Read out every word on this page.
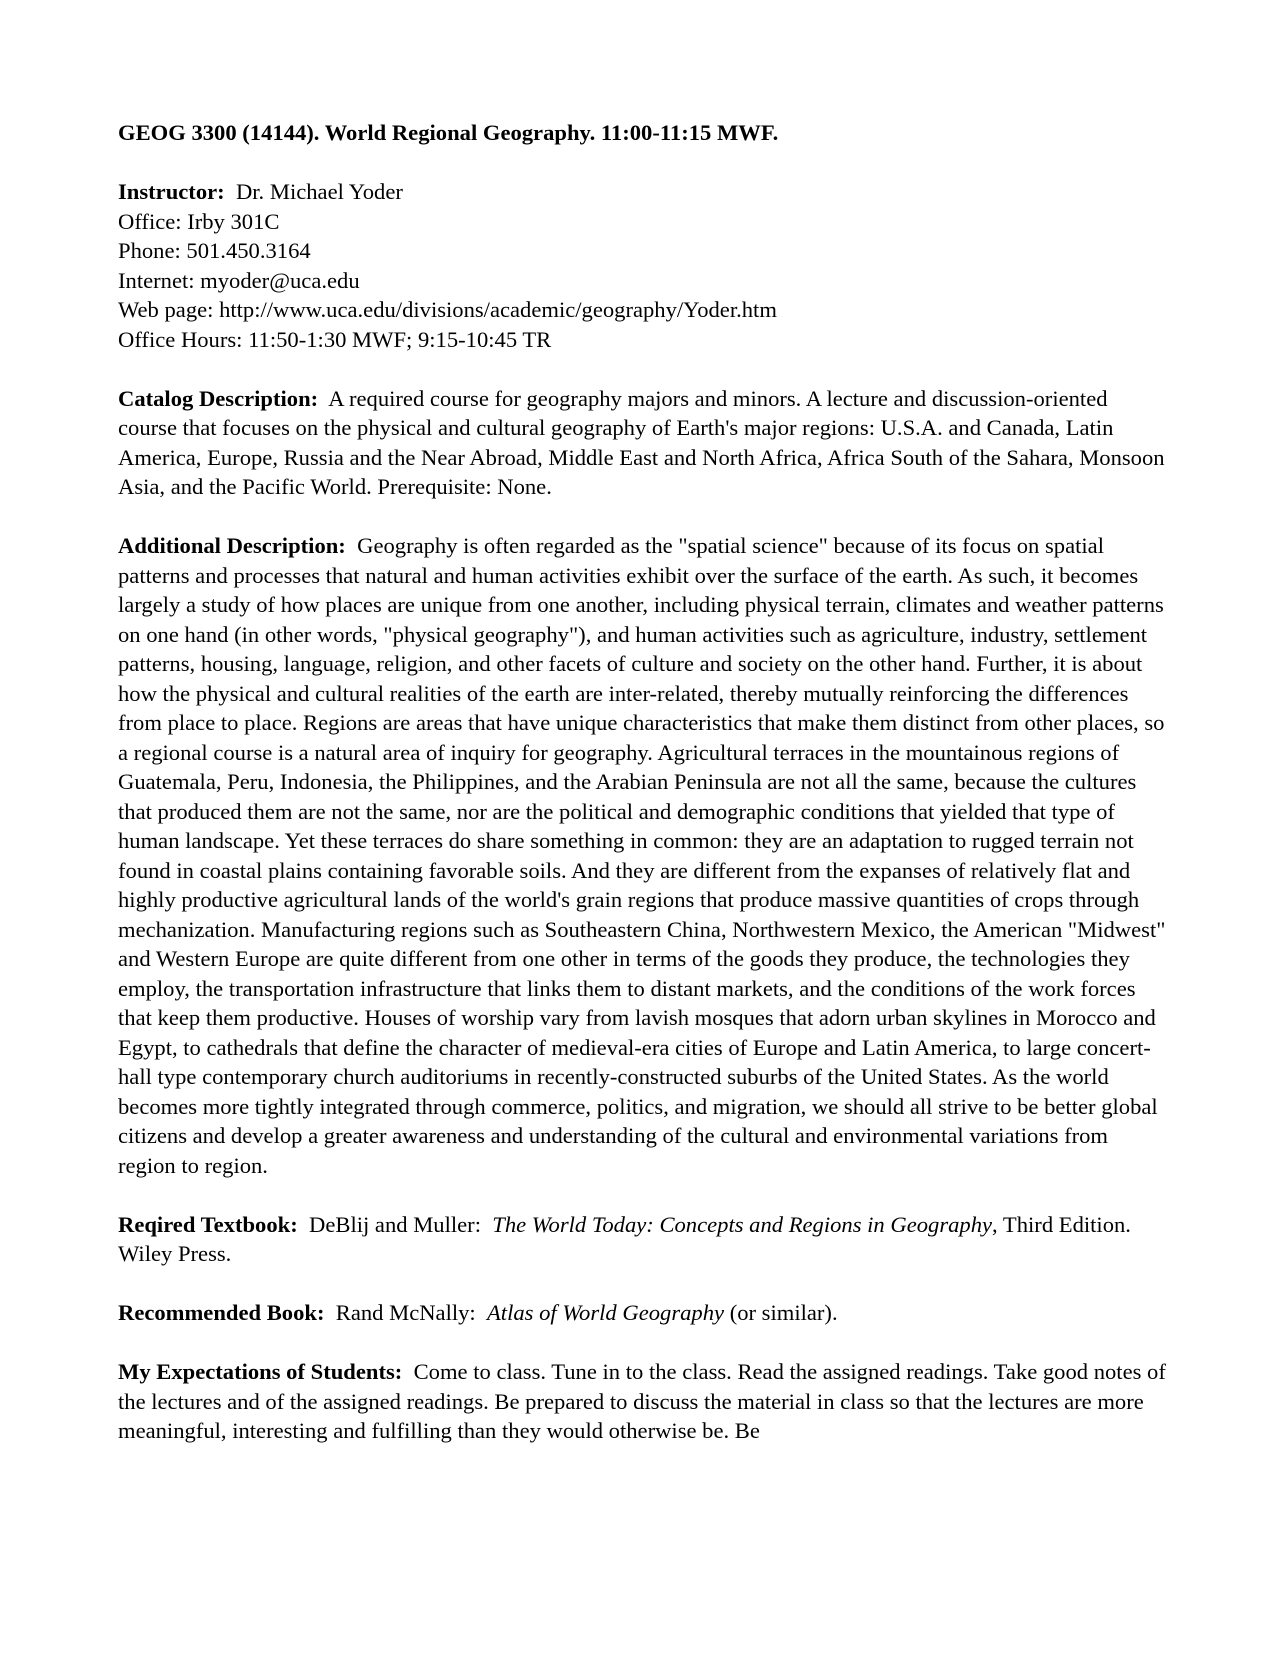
GEOG 3300 (14144). World Regional Geography. 11:00-11:15 MWF.

Instructor: Dr. Michael Yoder
Office: Irby 301C
Phone: 501.450.3164
Internet: myoder@uca.edu
Web page: http://www.uca.edu/divisions/academic/geography/Yoder.htm
Office Hours: 11:50-1:30 MWF; 9:15-10:45 TR

Catalog Description: A required course for geography majors and minors. A lecture and discussion-oriented course that focuses on the physical and cultural geography of Earth's major regions: U.S.A. and Canada, Latin America, Europe, Russia and the Near Abroad, Middle East and North Africa, Africa South of the Sahara, Monsoon Asia, and the Pacific World. Prerequisite: None.

Additional Description: Geography is often regarded as the "spatial science" because of its focus on spatial patterns and processes that natural and human activities exhibit over the surface of the earth. As such, it becomes largely a study of how places are unique from one another, including physical terrain, climates and weather patterns on one hand (in other words, "physical geography"), and human activities such as agriculture, industry, settlement patterns, housing, language, religion, and other facets of culture and society on the other hand. Further, it is about how the physical and cultural realities of the earth are inter-related, thereby mutually reinforcing the differences from place to place. Regions are areas that have unique characteristics that make them distinct from other places, so a regional course is a natural area of inquiry for geography. Agricultural terraces in the mountainous regions of Guatemala, Peru, Indonesia, the Philippines, and the Arabian Peninsula are not all the same, because the cultures that produced them are not the same, nor are the political and demographic conditions that yielded that type of human landscape. Yet these terraces do share something in common: they are an adaptation to rugged terrain not found in coastal plains containing favorable soils. And they are different from the expanses of relatively flat and highly productive agricultural lands of the world's grain regions that produce massive quantities of crops through mechanization. Manufacturing regions such as Southeastern China, Northwestern Mexico, the American "Midwest" and Western Europe are quite different from one other in terms of the goods they produce, the technologies they employ, the transportation infrastructure that links them to distant markets, and the conditions of the work forces that keep them productive. Houses of worship vary from lavish mosques that adorn urban skylines in Morocco and Egypt, to cathedrals that define the character of medieval-era cities of Europe and Latin America, to large concert-hall type contemporary church auditoriums in recently-constructed suburbs of the United States. As the world becomes more tightly integrated through commerce, politics, and migration, we should all strive to be better global citizens and develop a greater awareness and understanding of the cultural and environmental variations from region to region.

Reqired Textbook: DeBlij and Muller: The World Today: Concepts and Regions in Geography, Third Edition. Wiley Press.

Recommended Book: Rand McNally: Atlas of World Geography (or similar).

My Expectations of Students: Come to class. Tune in to the class. Read the assigned readings. Take good notes of the lectures and of the assigned readings. Be prepared to discuss the material in class so that the lectures are more meaningful, interesting and fulfilling than they would otherwise be. Be
